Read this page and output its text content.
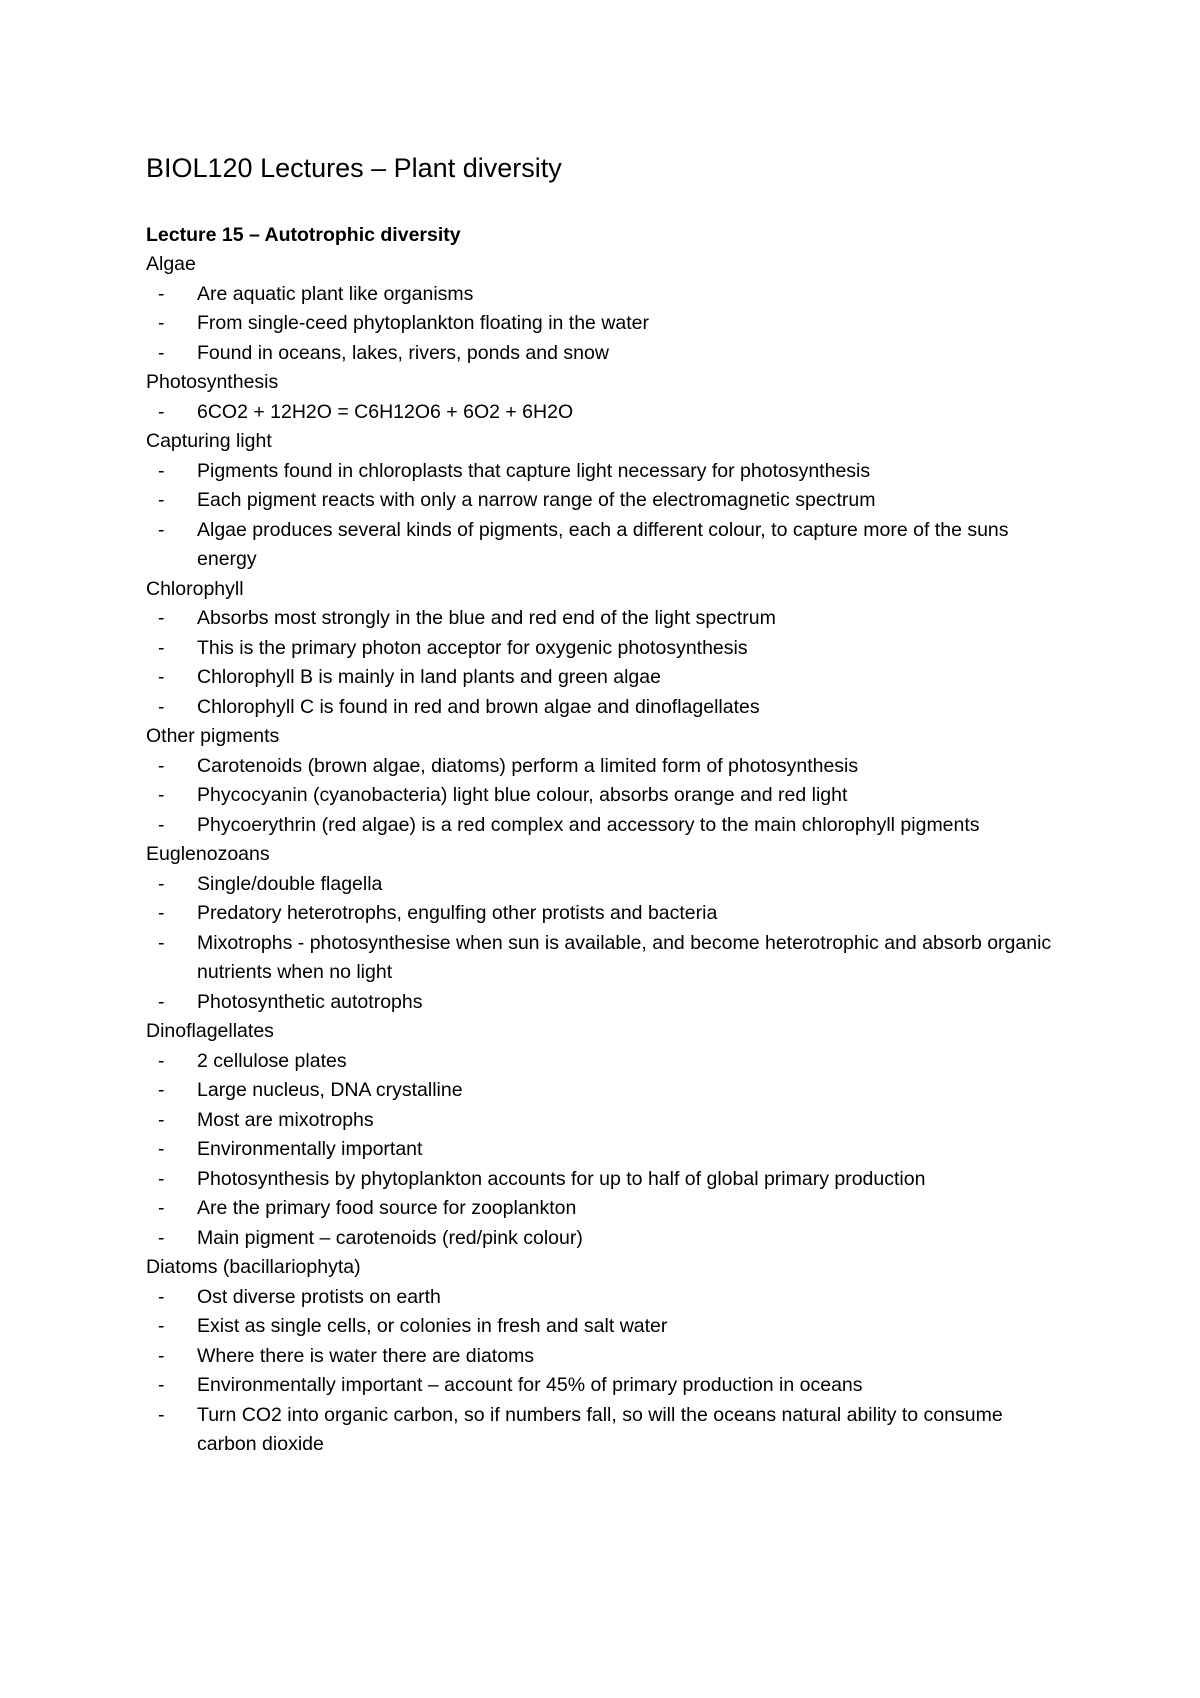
BIOL120 Lectures – Plant diversity
Lecture 15 – Autotrophic diversity
Algae
- Are aquatic plant like organisms
- From single-ceed phytoplankton floating in the water
- Found in oceans, lakes, rivers, ponds and snow
Photosynthesis
- 6CO2 + 12H2O = C6H12O6 + 6O2 + 6H2O
Capturing light
- Pigments found in chloroplasts that capture light necessary for photosynthesis
- Each pigment reacts with only a narrow range of the electromagnetic spectrum
- Algae produces several kinds of pigments, each a different colour, to capture more of the suns energy
Chlorophyll
- Absorbs most strongly in the blue and red end of the light spectrum
- This is the primary photon acceptor for oxygenic photosynthesis
- Chlorophyll B is mainly in land plants and green algae
- Chlorophyll C is found in red and brown algae and dinoflagellates
Other pigments
- Carotenoids (brown algae, diatoms) perform a limited form of photosynthesis
- Phycocyanin (cyanobacteria) light blue colour, absorbs orange and red light
- Phycoerythrin (red algae) is a red complex and accessory to the main chlorophyll pigments
Euglenozoans
- Single/double flagella
- Predatory heterotrophs, engulfing other protists and bacteria
- Mixotrophs - photosynthesise when sun is available, and become heterotrophic and absorb organic nutrients when no light
- Photosynthetic autotrophs
Dinoflagellates
- 2 cellulose plates
- Large nucleus, DNA crystalline
- Most are mixotrophs
- Environmentally important
- Photosynthesis by phytoplankton accounts for up to half of global primary production
- Are the primary food source for zooplankton
- Main pigment – carotenoids (red/pink colour)
Diatoms (bacillariophyta)
- Ost diverse protists on earth
- Exist as single cells, or colonies in fresh and salt water
- Where there is water there are diatoms
- Environmentally important – account for 45% of primary production in oceans
- Turn CO2 into organic carbon, so if numbers fall, so will the oceans natural ability to consume carbon dioxide
